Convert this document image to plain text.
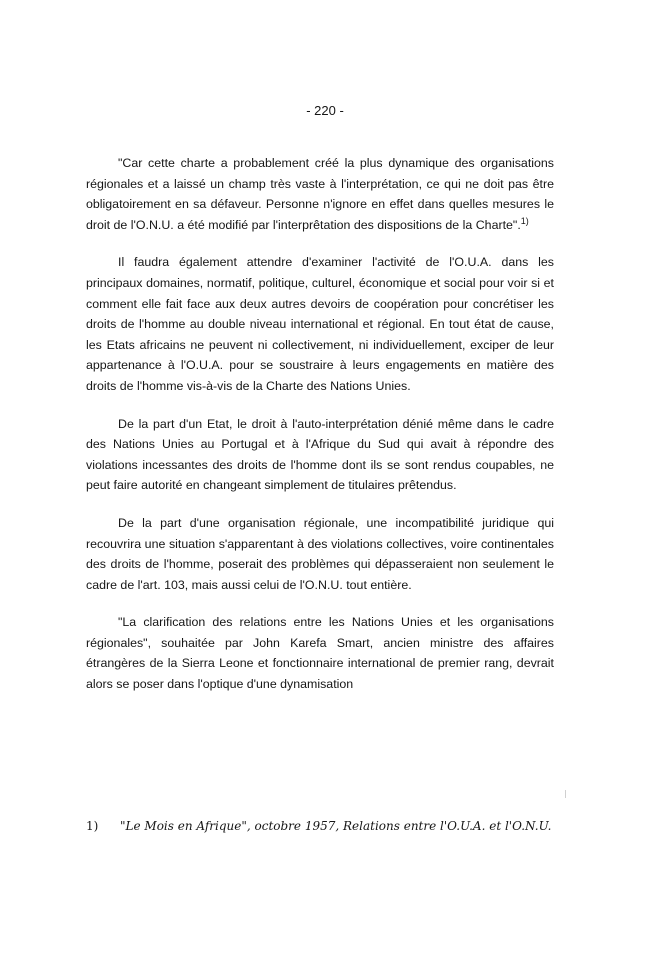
- 220 -

"Car cette charte a probablement créé la plus dynamique des organisations régionales et a laissé un champ très vaste à l'interprétation, ce qui ne doit pas être obligatoirement en sa défaveur. Personne n'ignore en effet dans quelles mesures le droit de l'O.N.U. a été modifié par l'interprêtation des dispositions de la Charte".$^{1)}$

Il faudra également attendre d'examiner l'activité de l'O.U.A. dans les principaux domaines, normatif, politique, culturel, économique et social pour voir si et comment elle fait face aux deux autres devoirs de coopération pour concrétiser les droits de l'homme au double niveau international et régional. En tout état de cause, les Etats africains ne peuvent ni collectivement, ni individuellement, exciper de leur appartenance à l'O.U.A. pour se soustraire à leurs engagements en matière des droits de l'homme vis-à-vis de la Charte des Nations Unies.

De la part d'un Etat, le droit à l'auto-interprétation dénié même dans le cadre des Nations Unies au Portugal et à l'Afrique du Sud qui avait à répondre des violations incessantes des droits de l'homme dont ils se sont rendus coupables, ne peut faire autorité en changeant simplement de titulaires prêtendus.

De la part d'une organisation régionale, une incompatibilité juridique qui recouvrira une situation s'apparentant à des violations collectives, voire continentales des droits de l'homme, poserait des problèmes qui dépasseraient non seulement le cadre de l'art. 103, mais aussi celui de l'O.N.U. tout entière.

"La clarification des relations entre les Nations Unies et les organisations régionales", souhaitée par John Karefa Smart, ancien ministre des affaires étrangères de la Sierra Leone et fonctionnaire international de premier rang, devrait alors se poser dans l'optique d'une dynamisation

1)	"Le Mois en Afrique", octobre 1957, Relations entre l'O.U.A. et l'O.N.U.
